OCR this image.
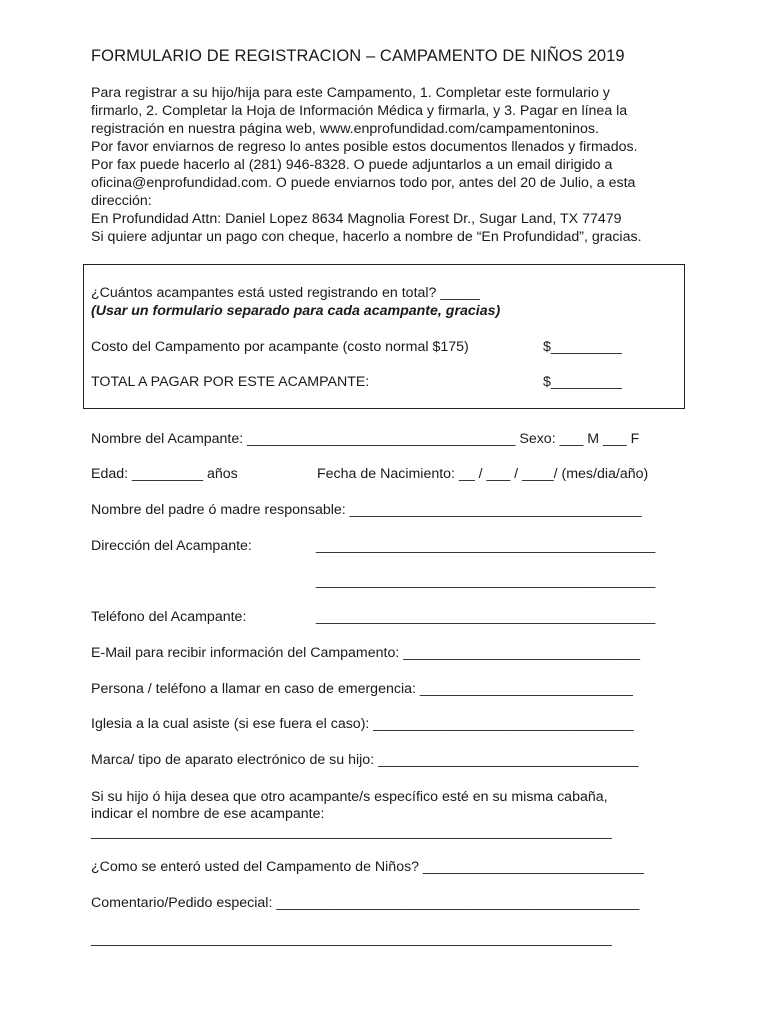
FORMULARIO DE REGISTRACION – CAMPAMENTO DE NIÑOS 2019
Para registrar a su hijo/hija para este Campamento, 1. Completar este formulario y
firmarlo, 2. Completar la Hoja de Información Médica y firmarla, y 3. Pagar en línea la
registración en nuestra página web, www.enprofundidad.com/campamentoninos.
Por favor enviarnos de regreso lo antes posible estos documentos llenados y firmados.
Por fax puede hacerlo al (281) 946-8328. O puede adjuntarlos a un email dirigido a
oficina@enprofundidad.com. O puede enviarnos todo por, antes del 20 de Julio, a esta
dirección:
En Profundidad Attn: Daniel Lopez 8634 Magnolia Forest Dr., Sugar Land, TX 77479
Si quiere adjuntar un pago con cheque, hacerlo a nombre de “En Profundidad”, gracias.
¿Cuántos acampantes está usted registrando en total? _____
(Usar un formulario separado para cada acampante, gracias)
Costo del Campamento por acampante (costo normal $175)	$_________
TOTAL A PAGAR POR ESTE ACAMPANTE:	$_________
Nombre del Acampante: __________________________________ Sexo: ___ M ___ F
Edad: _________ años	Fecha de Nacimiento: __ / ___ / ____/ (mes/dia/año)
Nombre del padre ó madre responsable: _____________________________________
Dirección del Acampante:	___________________________________________
___________________________________________
Teléfono del Acampante:	___________________________________________
E-Mail para recibir información del Campamento: ______________________________
Persona / teléfono a llamar en caso de emergencia: ___________________________
Iglesia a la cual asiste (si ese fuera el caso): _________________________________
Marca/ tipo de aparato electrónico de su hijo: _________________________________
Si su hijo ó hija desea que otro acampante/s específico esté en su misma cabaña,
indicar el nombre de ese acampante:
__________________________________________________________________
¿Como se enteró usted del Campamento de Niños? ____________________________
Comentario/Pedido especial: ______________________________________________
__________________________________________________________________
